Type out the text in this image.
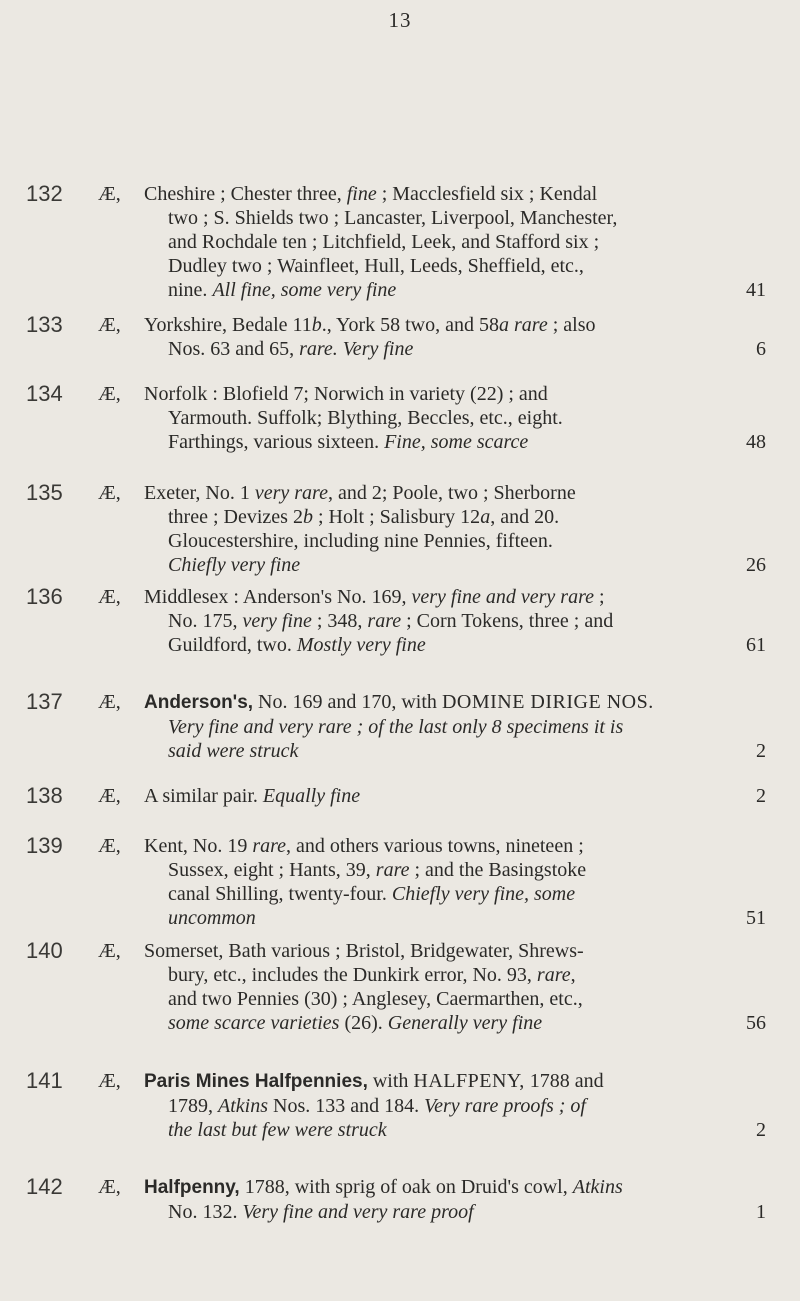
13
132 Æ, Cheshire ; Chester three, fine ; Macclesfield six ; Kendal
two ; S. Shields two ; Lancaster, Liverpool, Manchester,
and Rochdale ten ; Litchfield, Leek, and Stafford six ;
Dudley two ; Wainfleet, Hull, Leeds, Sheffield, etc.,
nine. All fine, some very fine	41
133 Æ, Yorkshire, Bedale 11b., York 58 two, and 58a rare ; also
Nos. 63 and 65, rare. Very fine	6
134 Æ, Norfolk : Blofield 7; Norwich in variety (22) ; and
Yarmouth. Suffolk; Blything, Beccles, etc., eight.
Farthings, various sixteen. Fine, some scarce	48
135 Æ, Exeter, No. 1 very rare, and 2; Poole, two ; Sherborne
three ; Devizes 2b ; Holt ; Salisbury 12a, and 20.
Gloucestershire, including nine Pennies, fifteen.
Chiefly very fine	26
136 Æ, Middlesex : Anderson's No. 169, very fine and very rare ;
No. 175, very fine ; 348, rare ; Corn Tokens, three ; and
Guildford, two. Mostly very fine	61
137 Æ, Anderson's, No. 169 and 170, with DOMINE DIRIGE NOS.
Very fine and very rare ; of the last only 8 specimens it is
said were struck	2
138 Æ, A similar pair. Equally fine	2
139 Æ, Kent, No. 19 rare, and others various towns, nineteen ;
Sussex, eight ; Hants, 39, rare ; and the Basingstoke
canal Shilling, twenty-four. Chiefly very fine, some
uncommon	51
140 Æ, Somerset, Bath various ; Bristol, Bridgewater, Shrews-
bury, etc., includes the Dunkirk error, No. 93, rare,
and two Pennies (30) ; Anglesey, Caermarthen, etc.,
some scarce varieties (26). Generally very fine	56
141 Æ, Paris Mines Halfpennies, with HALFPENY, 1788 and
1789, Atkins Nos. 133 and 184. Very rare proofs ; of
the last but few were struck	2
142 Æ, Halfpenny, 1788, with sprig of oak on Druid's cowl, Atkins
No. 132. Very fine and very rare proof	1
